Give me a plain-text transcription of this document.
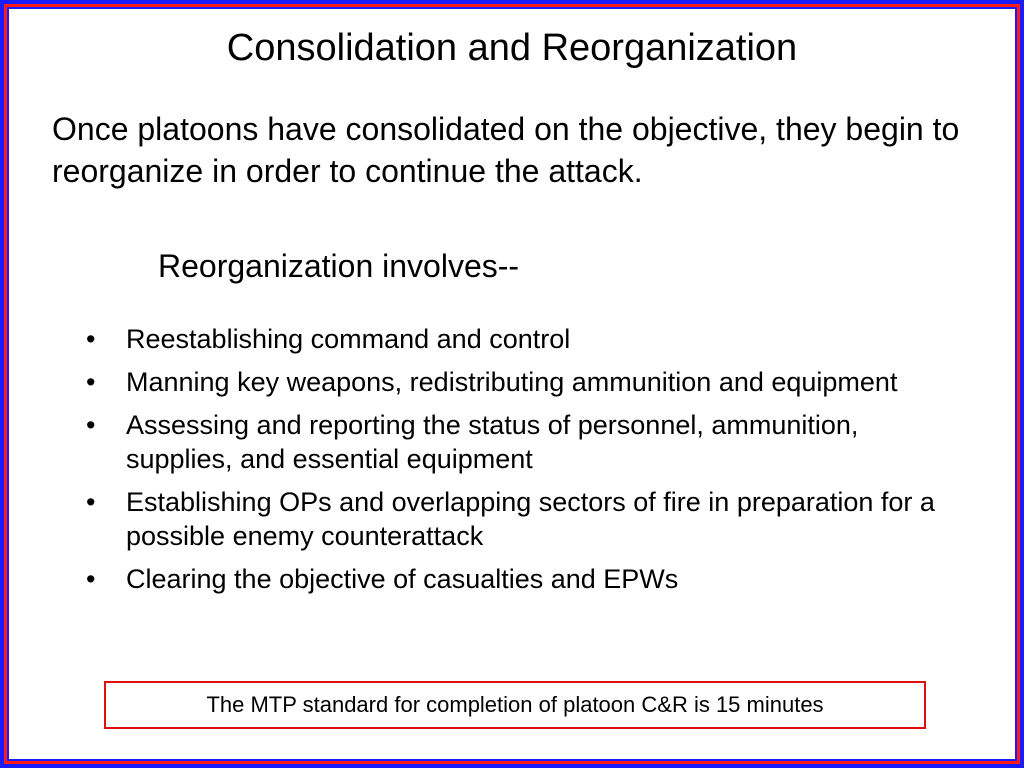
Consolidation and Reorganization
Once platoons have consolidated on the objective, they begin to reorganize in order to continue the attack.
Reorganization involves--
• Reestablishing command and control
• Manning key weapons, redistributing ammunition and equipment
• Assessing and reporting the status of personnel, ammunition, supplies, and essential equipment
• Establishing OPs and overlapping sectors of fire in preparation for a possible enemy counterattack
• Clearing the objective of casualties and EPWs
The MTP standard for completion of platoon C&R is 15 minutes
